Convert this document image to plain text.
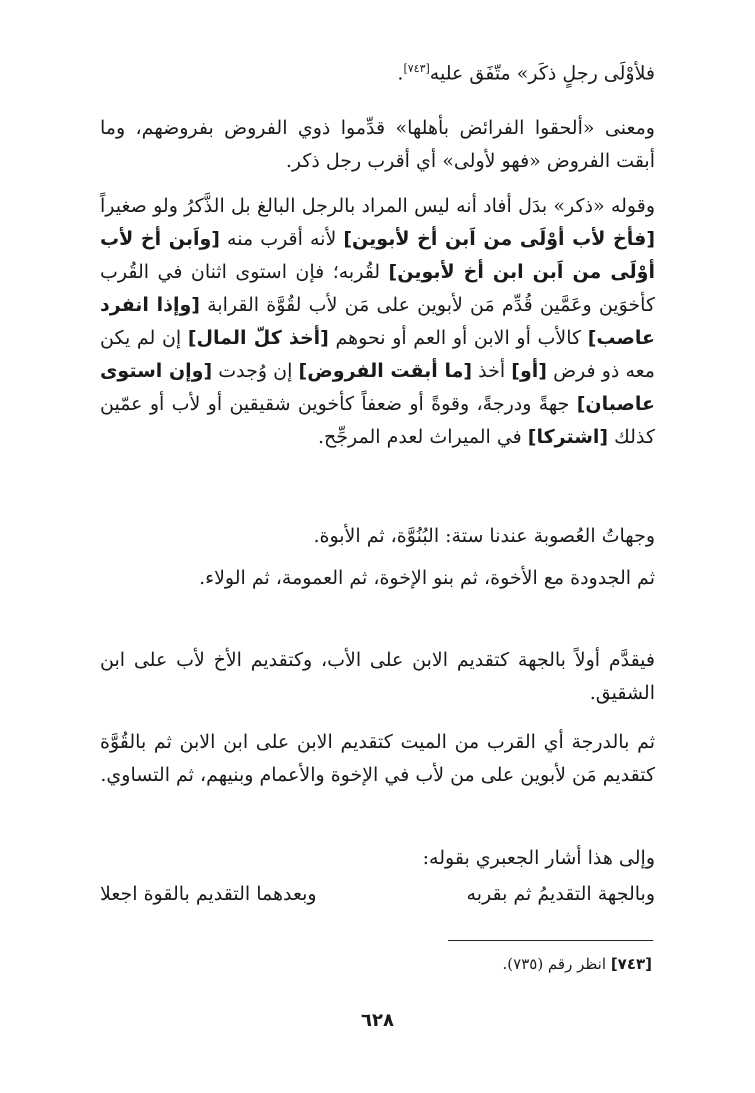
فلأوْلَى رجلٍ ذكَر» متّفَق عليه[٧٤٣].

ومعنى «ألحقوا الفرائض بأهلها» قدِّموا ذوي الفروض بفروضهم، وما أبقت الفروض «فهو لأولى» أي أقرب رجل ذكر.

وقوله «ذكر» بدَل أفاد أنه ليس المراد بالرجل البالغ بل الذَّكرُ ولو صغيراً [فأخ لأب أوْلَى من اَبن أخ لأبوين] لأنه أقرب منه [واَبن أخ لأب أوْلَى من اَبن ابن أخ لأبوين] لقُربه؛ فإن استوى اثنان في القُرب كأخوَين وعَمَّين قُدِّم مَن لأبوين على مَن لأب لقُوَّة القرابة [وإذا انفرد عاصب] كالأب أو الابن أو العم أو نحوهم [أخذ كلّ المال] إن لم يكن معه ذو فرض [أو] أخذ [ما أبقت الفروض] إن وُجدت [وإن استوى عاصبان] جهةً ودرجةً، وقوةً أو ضعفاً كأخوين شقيقين أو لأب أو عمّين كذلك [اشتركا] في الميراث لعدم المرجِّح.

وجهاتُ العُصوبة عندنا ستة: البُنُوَّة، ثم الأبوة.

ثم الجدودة مع الأخوة، ثم بنو الإخوة، ثم العمومة، ثم الولاء.

فيقدَّم أولاً بالجهة كتقديم الابن على الأب، وكتقديم الأخ لأب على ابن الشقيق.

ثم بالدرجة أي القرب من الميت كتقديم الابن على ابن الابن ثم بالقُوَّة كتقديم مَن لأبوين على من لأب في الإخوة والأعمام وبنيهم، ثم التساوي.

وإلى هذا أشار الجعبري بقوله:

وبالجهة التقديمُ ثم بقربه
وبعدهما التقديم بالقوة اجعلا
[٧٤٣] انظر رقم (٧٣٥).
٦٢٨
